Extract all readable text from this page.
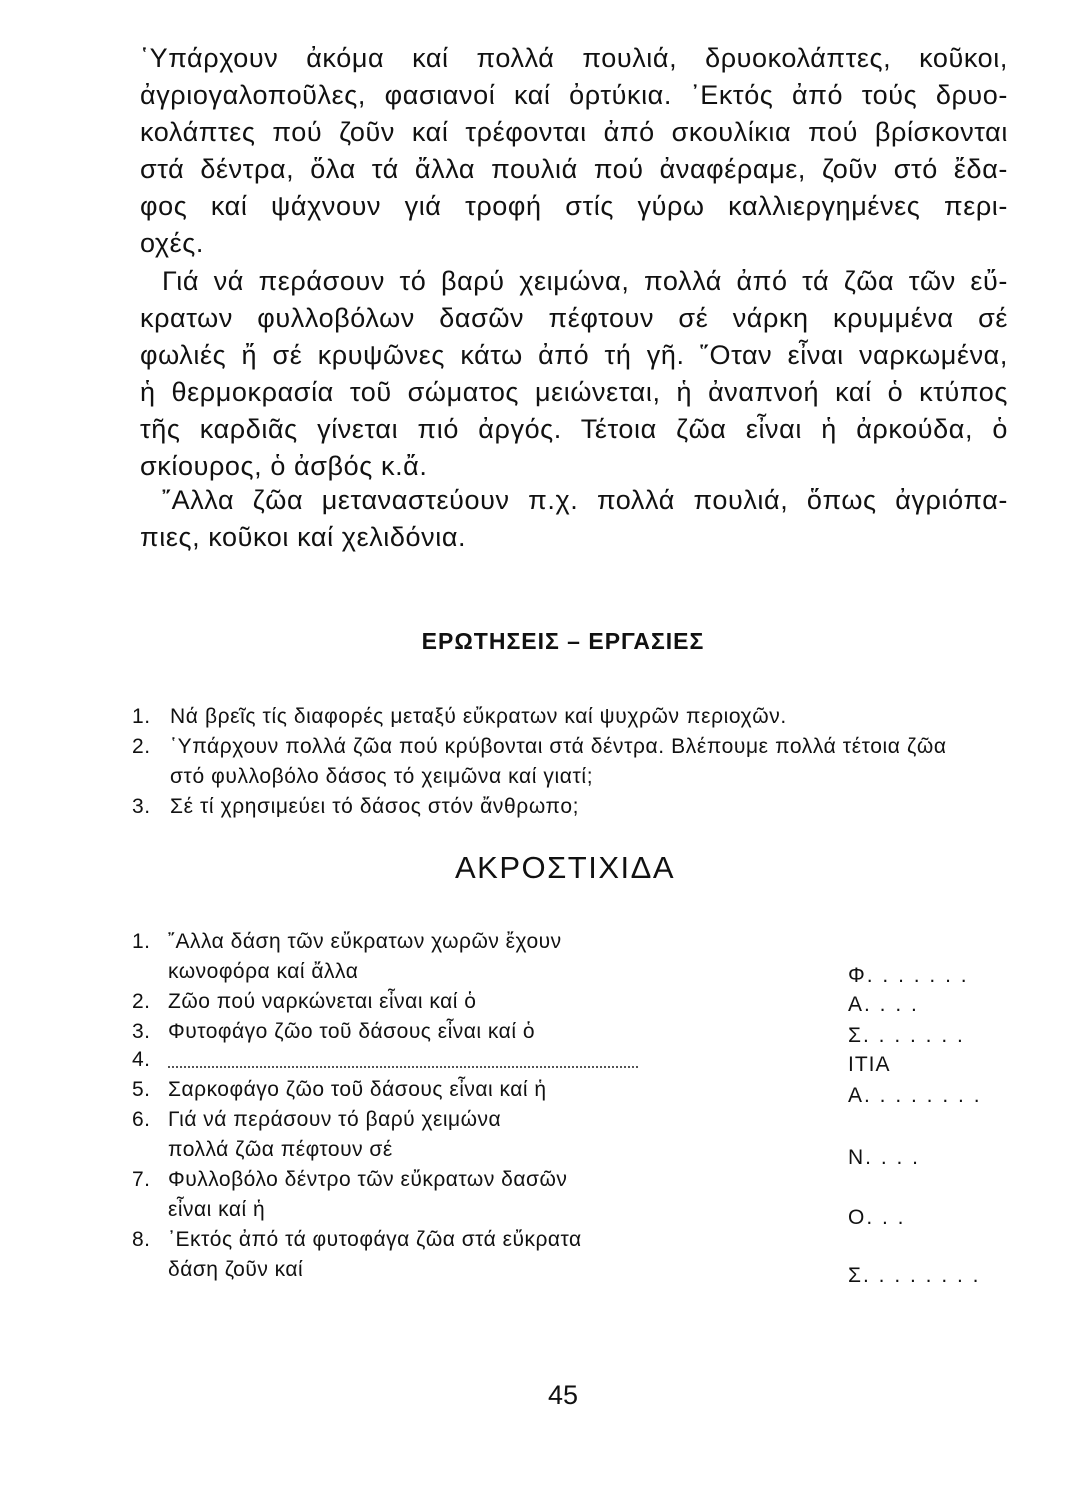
῾Υπάρχουν ἀκόμα καί πολλά πουλιά, δρυοκολάπτες, κοῦκοι,
ἀγριογαλοποῦλες, φασιανοί καί ὀρτύκια. ᾽Εκτός ἀπό τούς δρυο-
κολάπτες πού ζοῦν καί τρέφονται ἀπό σκουλίκια πού βρίσκονται
στά δέντρα, ὅλα τά ἄλλα πουλιά πού ἀναφέραμε, ζοῦν στό ἔδα-
φος καί ψάχνουν γιά τροφή στίς γύρω καλλιεργημένες περι-
οχές.

Γιά νά περάσουν τό βαρύ χειμώνα, πολλά ἀπό τά ζῶα τῶν εὔ-
κρατων φυλλοβόλων δασῶν πέφτουν σέ νάρκη κρυμμένα σέ
φωλιές ἤ σέ κρυψῶνες κάτω ἀπό τή γῆ. ῞Οταν εἶναι ναρκωμένα,
ἡ θερμοκρασία τοῦ σώματος μειώνεται, ἡ ἀναπνοή καί ὁ κτύπος
τῆς καρδιᾶς γίνεται πιό ἀργός. Τέτοια ζῶα εἶναι ἡ ἀρκούδα, ὁ
σκίουρος, ὁ ἀσβός κ.ἄ.

῎Αλλα ζῶα μεταναστεύουν π.χ. πολλά πουλιά, ὅπως ἀγριόπα-
πιες, κοῦκοι καί χελιδόνια.

ΕΡΩΤΗΣΕΙΣ – ΕΡΓΑΣΙΕΣ
1. Νά βρεῖς τίς διαφορές μεταξύ εὔκρατων καί ψυχρῶν περιοχῶν.
2. ῾Υπάρχουν πολλά ζῶα πού κρύβονται στά δέντρα. Βλέπουμε πολλά τέτοια ζῶα στό φυλλοβόλο δάσος τό χειμῶνα καί γιατί;
3. Σέ τί χρησιμεύει τό δάσος στόν ἄνθρωπο;
ΑΚΡΟΣΤΙΧΙΔΑ
1. ῎Αλλα δάση τῶν εὔκρατων χωρῶν ἔχουν
κωνοφόρα καί ἄλλα	Φ. . . . . . .
2. Ζῶο πού ναρκώνεται εἶναι καί ὁ	Α. . . .
3. Φυτοφάγο ζῶο τοῦ δάσους εἶναι καί ὁ	Σ. . . . . . .
4.	ΙΤΙΑ
5. Σαρκοφάγο ζῶο τοῦ δάσους εἶναι καί ἡ	Α. . . . . . . .
6. Γιά νά περάσουν τό βαρύ χειμώνα
πολλά ζῶα πέφτουν σέ	Ν. . . .
7. Φυλλοβόλο δέντρο τῶν εὔκρατων δασῶν
εἶναι καί ἡ	Ο. . .
8. ᾽Εκτός ἀπό τά φυτοφάγα ζῶα στά εὔκρατα
δάση ζοῦν καί	Σ. . . . . . . .
45
